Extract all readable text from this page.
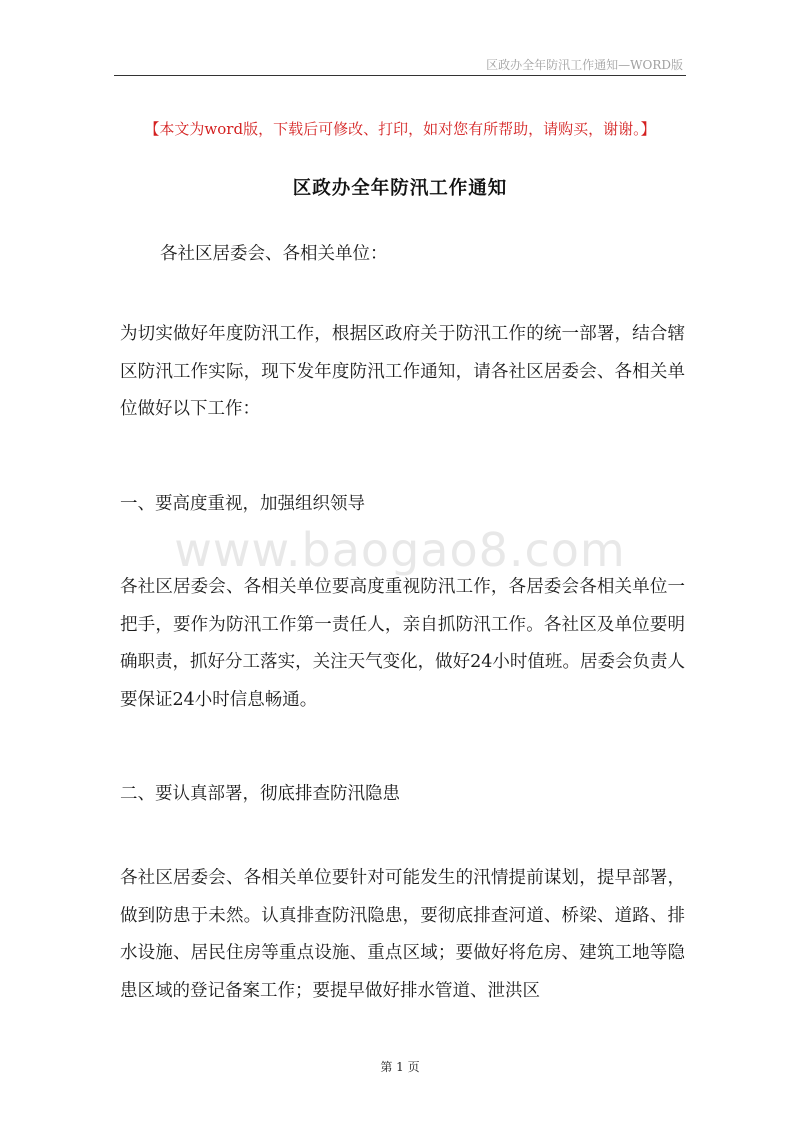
区政办全年防汛工作通知—WORD版
【本文为word版，下载后可修改、打印，如对您有所帮助，请购买，谢谢。】
区政办全年防汛工作通知
各社区居委会、各相关单位：
为切实做好年度防汛工作，根据区政府关于防汛工作的统一部署，结合辖区防汛工作实际，现下发年度防汛工作通知，请各社区居委会、各相关单位做好以下工作：
一、要高度重视，加强组织领导
www.baogao8.com
各社区居委会、各相关单位要高度重视防汛工作，各居委会各相关单位一把手，要作为防汛工作第一责任人，亲自抓防汛工作。各社区及单位要明确职责，抓好分工落实，关注天气变化，做好24小时值班。居委会负责人要保证24小时信息畅通。
二、要认真部署，彻底排查防汛隐患
各社区居委会、各相关单位要针对可能发生的汛情提前谋划，提早部署，做到防患于未然。认真排查防汛隐患，要彻底排查河道、桥梁、道路、排水设施、居民住房等重点设施、重点区域；要做好将危房、建筑工地等隐患区域的登记备案工作；要提早做好排水管道、泄洪区
第 1 页
